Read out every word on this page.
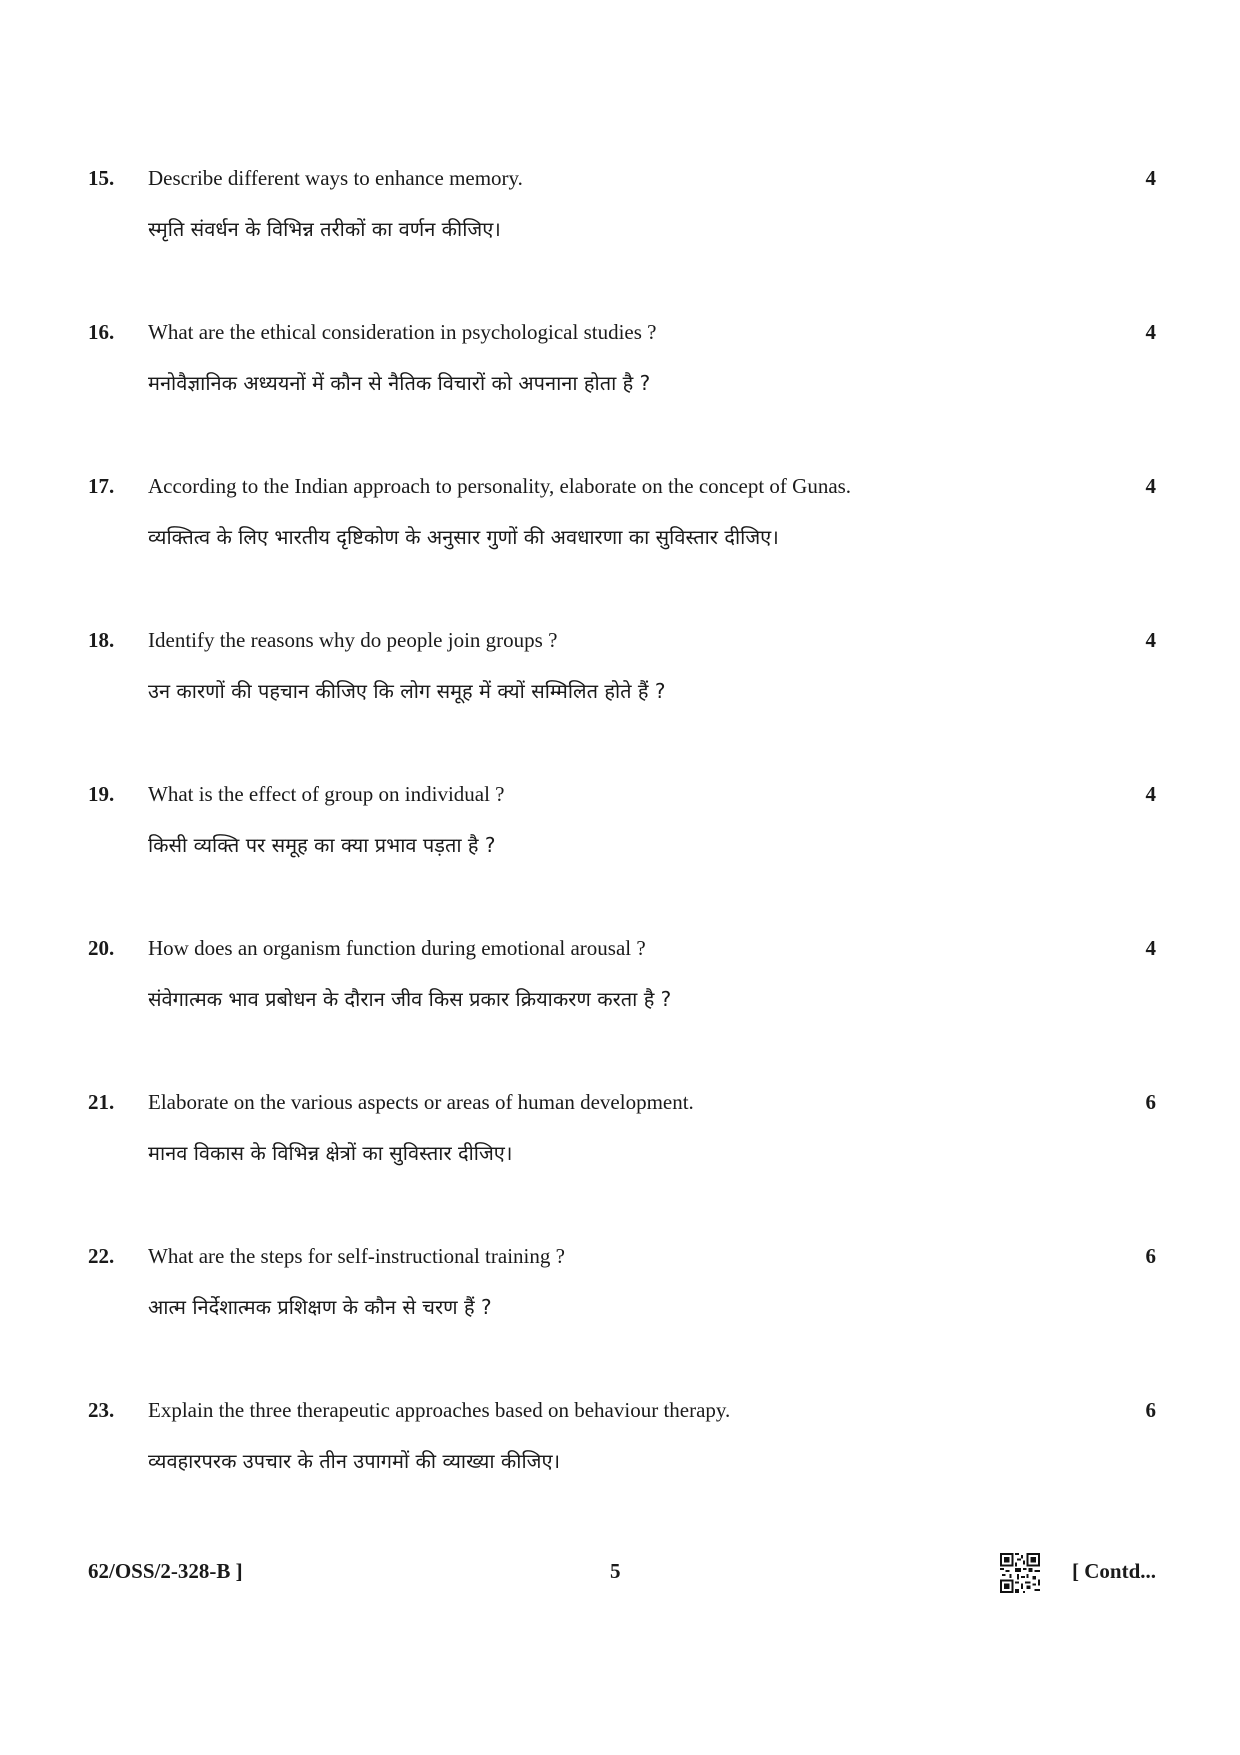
15. Describe different ways to enhance memory.
स्मृति संवर्धन के विभिन्न तरीकों का वर्णन कीजिए।
4
16. What are the ethical consideration in psychological studies ?
मनोवैज्ञानिक अध्ययनों में कौन से नैतिक विचारों को अपनाना होता है ?
4
17. According to the Indian approach to personality, elaborate on the concept of Gunas.
व्यक्तित्व के लिए भारतीय दृष्टिकोण के अनुसार गुणों की अवधारणा का सुविस्तार दीजिए।
4
18. Identify the reasons why do people join groups ?
उन कारणों की पहचान कीजिए कि लोग समूह में क्यों सम्मिलित होते हैं ?
4
19. What is the effect of group on individual ?
किसी व्यक्ति पर समूह का क्या प्रभाव पड़ता है ?
4
20. How does an organism function during emotional arousal ?
संवेगात्मक भाव प्रबोधन के दौरान जीव किस प्रकार क्रियाकरण करता है ?
4
21. Elaborate on the various aspects or areas of human development.
मानव विकास के विभिन्न क्षेत्रों का सुविस्तार दीजिए।
6
22. What are the steps for self-instructional training ?
आत्म निर्देशात्मक प्रशिक्षण के कौन से चरण हैं ?
6
23. Explain the three therapeutic approaches based on behaviour therapy.
व्यवहारपरक उपचार के तीन उपागमों की व्याख्या कीजिए।
6
62/OSS/2-328-B ]	5	[ Contd...
